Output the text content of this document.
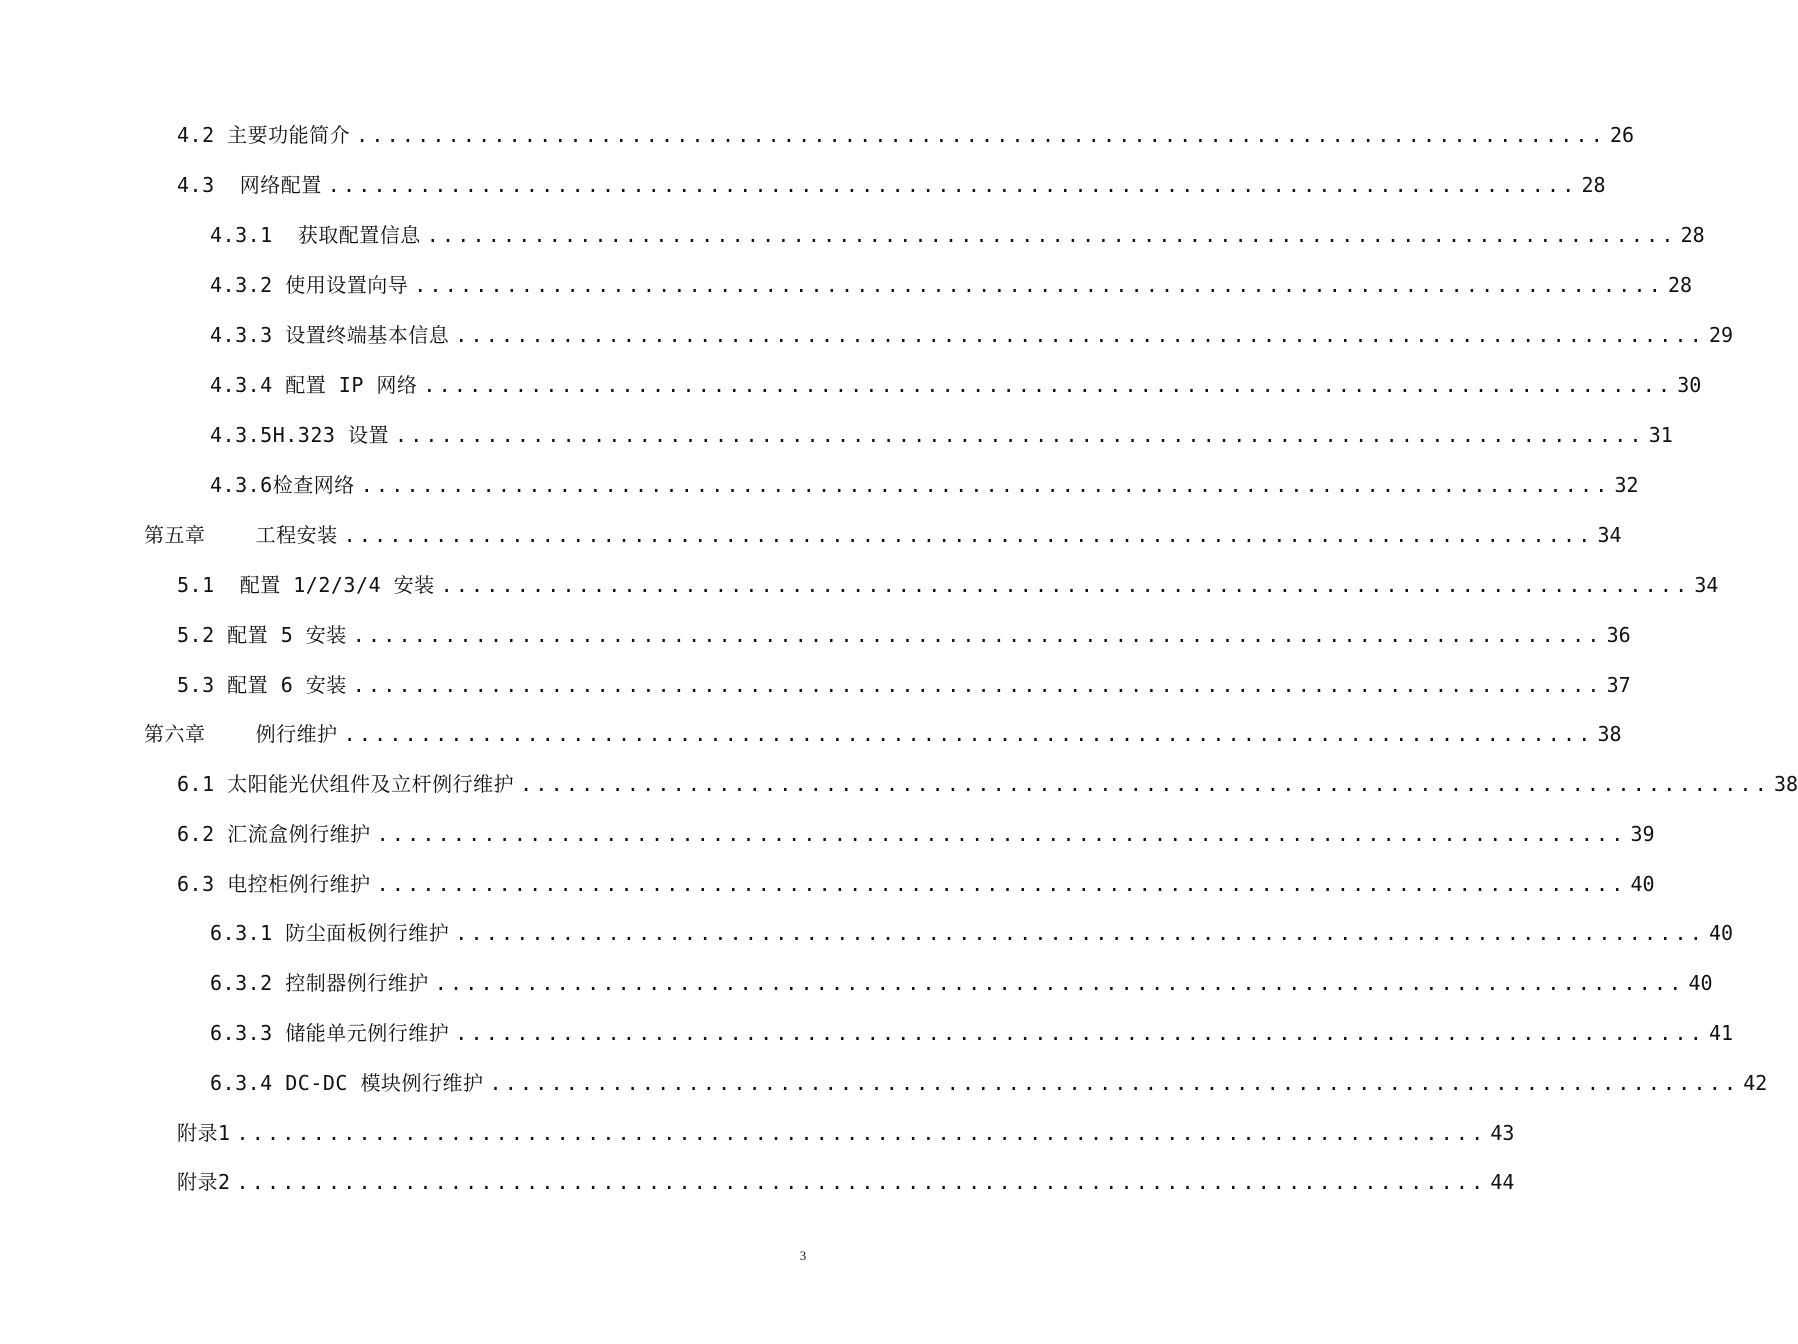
4.2 主要功能简介 .................................................................................. 26
4.3  网络配置 .................................................................................. 28
4.3.1  获取配置信息 .................................................................................. 28
4.3.2 使用设置向导 .................................................................................. 28
4.3.3 设置终端基本信息 .................................................................................. 29
4.3.4 配置 IP 网络 .................................................................................. 30
4.3.5H.323 设置 .................................................................................. 31
4.3.6检查网络 .................................................................................. 32
第五章    工程安装 .................................................................................. 34
5.1  配置 1/2/3/4 安装 .................................................................................. 34
5.2 配置 5 安装 .................................................................................. 36
5.3 配置 6 安装 .................................................................................. 37
第六章    例行维护 .................................................................................. 38
6.1 太阳能光伏组件及立杆例行维护 .................................................................................. 38
6.2 汇流盒例行维护 .................................................................................. 39
6.3 电控柜例行维护 .................................................................................. 40
6.3.1 防尘面板例行维护 .................................................................................. 40
6.3.2 控制器例行维护 .................................................................................. 40
6.3.3 储能单元例行维护 .................................................................................. 41
6.3.4 DC-DC 模块例行维护 .................................................................................. 42
附录1 .................................................................................. 43
附录2 .................................................................................. 44
3
